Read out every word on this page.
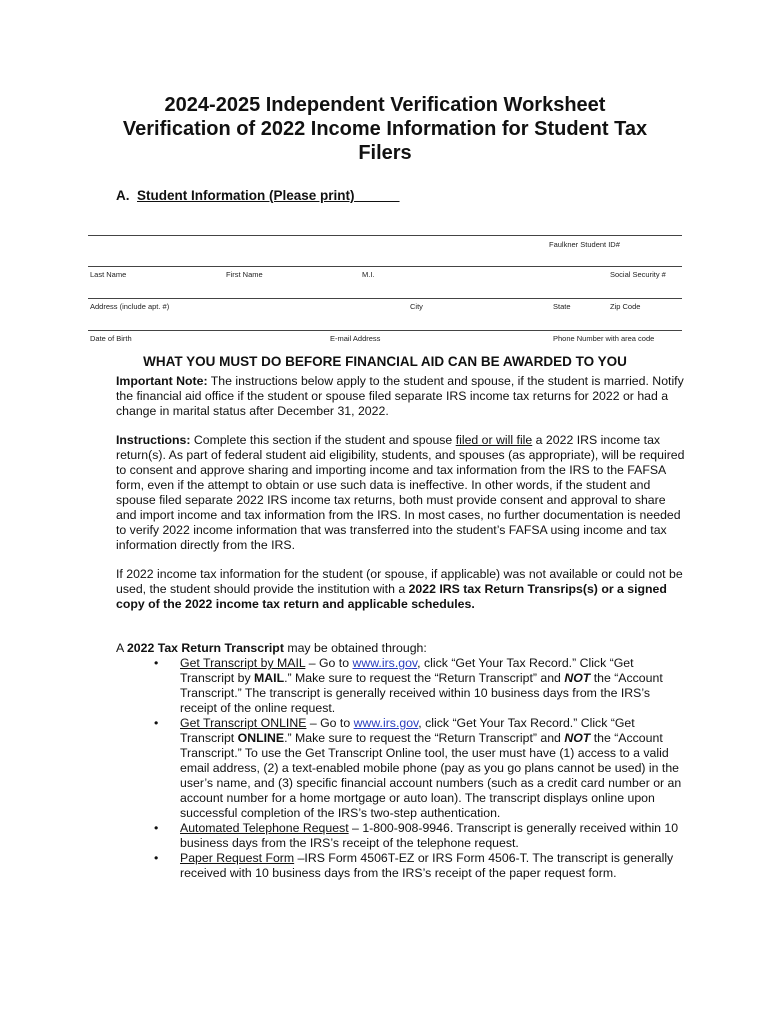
2024-2025 Independent Verification Worksheet
Verification of 2022 Income Information for Student Tax
Filers
A. Student Information (Please print)
Faulkner Student ID#
Last Name	First Name	M.I.	Social Security #
Address (include apt. #)	City	State	Zip Code
Date of Birth	E-mail Address	Phone Number with area code
WHAT YOU MUST DO BEFORE FINANCIAL AID CAN BE AWARDED TO YOU

Important Note: The instructions below apply to the student and spouse, if the student is married. Notify the financial aid office if the student or spouse filed separate IRS income tax returns for 2022 or had a change in marital status after December 31, 2022.

Instructions: Complete this section if the student and spouse filed or will file a 2022 IRS income tax return(s). As part of federal student aid eligibility, students, and spouses (as appropriate), will be required to consent and approve sharing and importing income and tax information from the IRS to the FAFSA form, even if the attempt to obtain or use such data is ineffective. In other words, if the student and spouse filed separate 2022 IRS income tax returns, both must provide consent and approval to share and import income and tax information from the IRS. In most cases, no further documentation is needed to verify 2022 income information that was transferred into the student’s FAFSA using income and tax information directly from the IRS.

If 2022 income tax information for the student (or spouse, if applicable) was not available or could not be used, the student should provide the institution with a 2022 IRS tax Return Transrips(s) or a signed copy of the 2022 income tax return and applicable schedules.

A 2022 Tax Return Transcript may be obtained through:

• Get Transcript by MAIL – Go to www.irs.gov, click “Get Your Tax Record.” Click “Get Transcript by MAIL.” Make sure to request the “Return Transcript” and NOT the “Account Transcript.” The transcript is generally received within 10 business days from the IRS’s receipt of the online request.
• Get Transcript ONLINE – Go to www.irs.gov, click “Get Your Tax Record.” Click “Get Transcript ONLINE.” Make sure to request the “Return Transcript” and NOT the “Account Transcript.” To use the Get Transcript Online tool, the user must have (1) access to a valid email address, (2) a text-enabled mobile phone (pay as you go plans cannot be used) in the user’s name, and (3) specific financial account numbers (such as a credit card number or an account number for a home mortgage or auto loan). The transcript displays online upon successful completion of the IRS’s two-step authentication.
• Automated Telephone Request – 1-800-908-9946. Transcript is generally received within 10 business days from the IRS’s receipt of the telephone request.
• Paper Request Form –IRS Form 4506T-EZ or IRS Form 4506-T. The transcript is generally received with 10 business days from the IRS’s receipt of the paper request form.
